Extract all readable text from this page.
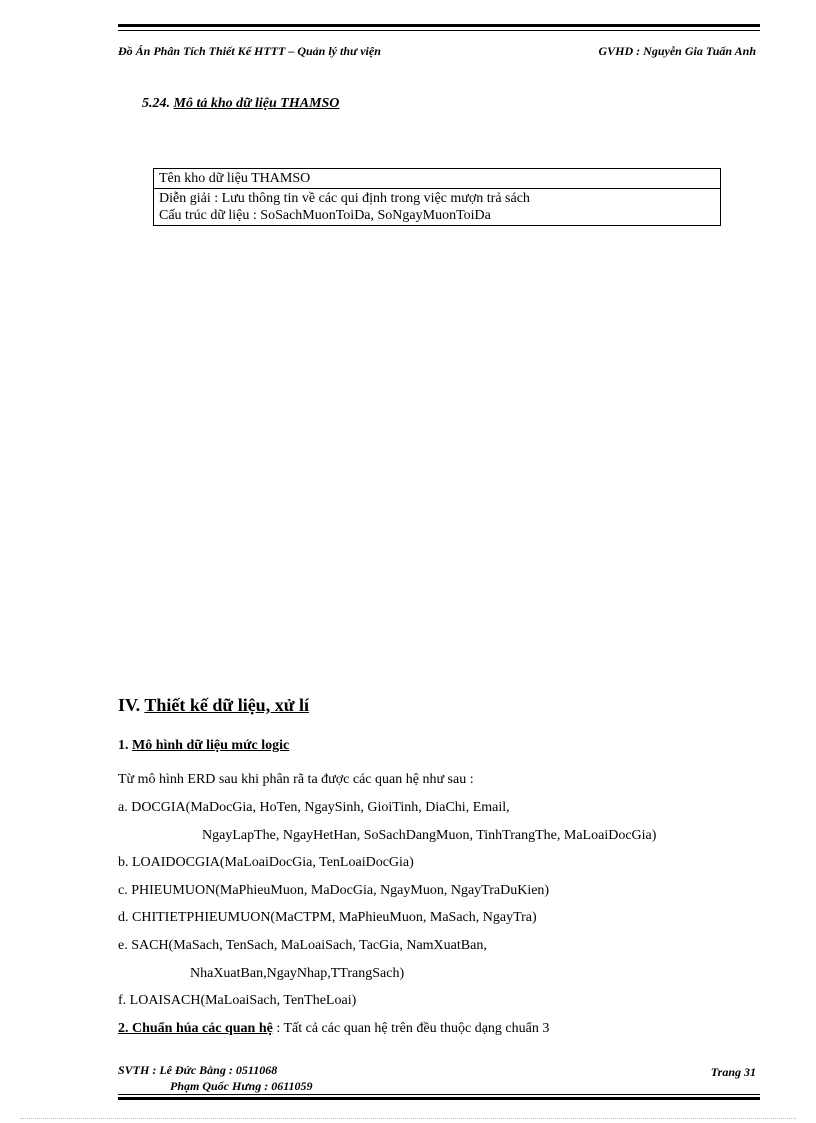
Đồ Án Phân Tích Thiết Kế HTTT – Quản lý thư viện	GVHD : Nguyễn Gia Tuấn Anh
5.24. Mô tả kho dữ liệu THAMSO
Tên kho dữ liệu THAMSO

Diễn giải : Lưu thông tin về các qui định trong việc mượn trả sách
Cấu trúc dữ liệu : SoSachMuonToiDa, SoNgayMuonToiDa
IV. Thiết kế dữ liệu, xử lí
1. Mô hình dữ liệu mức logic
Từ mô hình ERD sau khi phân rã ta được các quan hệ như sau :
a. DOCGIA(MaDocGia, HoTen, NgaySinh, GioiTinh, DiaChi, Email,
NgayLapThe, NgayHetHan, SoSachDangMuon, TinhTrangThe, MaLoaiDocGia)
b. LOAIDOCGIA(MaLoaiDocGia, TenLoaiDocGia)
c. PHIEUMUON(MaPhieuMuon, MaDocGia, NgayMuon, NgayTraDuKien)
d. CHITIETPHIEUMUON(MaCTPM, MaPhieuMuon, MaSach, NgayTra)
e. SACH(MaSach, TenSach, MaLoaiSach, TacGia, NamXuatBan,
NhaXuatBan,NgayNhap,TTrangSach)
f. LOAISACH(MaLoaiSach, TenTheLoai)
2. Chuẩn húa các quan hệ : Tất cả các quan hệ trên đều thuộc dạng chuẩn 3
SVTH : Lê Đức Bằng : 0511068
Phạm Quốc Hưng : 0611059
Trang 31
